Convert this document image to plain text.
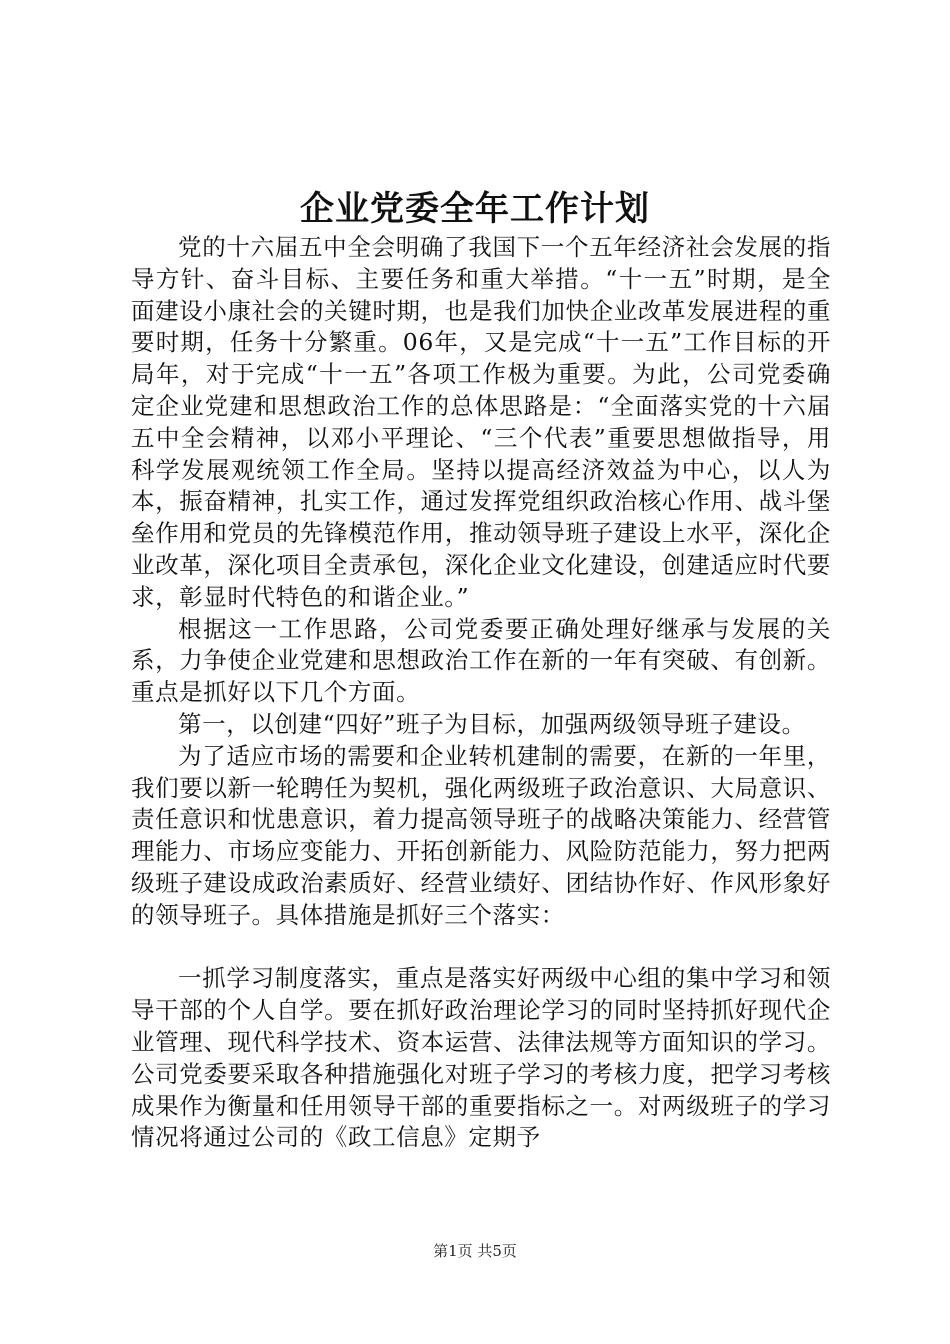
企业党委全年工作计划

党的十六届五中全会明确了我国下一个五年经济社会发展的指导方针、奋斗目标、主要任务和重大举措。“十一五”时期，是全面建设小康社会的关键时期，也是我们加快企业改革发展进程的重要时期，任务十分繁重。06年，又是完成“十一五”工作目标的开局年，对于完成“十一五”各项工作极为重要。为此，公司党委确定企业党建和思想政治工作的总体思路是：“全面落实党的十六届五中全会精神，以邓小平理论、“三个代表”重要思想做指导，用科学发展观统领工作全局。坚持以提高经济效益为中心，以人为本，振奋精神，扎实工作，通过发挥党组织政治核心作用、战斗堡垒作用和党员的先锋模范作用，推动领导班子建设上水平，深化企业改革，深化项目全责承包，深化企业文化建设，创建适应时代要求，彰显时代特色的和谐企业。”

根据这一工作思路，公司党委要正确处理好继承与发展的关系，力争使企业党建和思想政治工作在新的一年有突破、有创新。重点是抓好以下几个方面。

第一，以创建“四好”班子为目标，加强两级领导班子建设。

为了适应市场的需要和企业转机建制的需要，在新的一年里，我们要以新一轮聘任为契机，强化两级班子政治意识、大局意识、责任意识和忧患意识，着力提高领导班子的战略决策能力、经营管理能力、市场应变能力、开拓创新能力、风险防范能力，努力把两级班子建设成政治素质好、经营业绩好、团结协作好、作风形象好的领导班子。具体措施是抓好三个落实：

一抓学习制度落实，重点是落实好两级中心组的集中学习和领导干部的个人自学。要在抓好政治理论学习的同时坚持抓好现代企业管理、现代科学技术、资本运营、法律法规等方面知识的学习。公司党委要采取各种措施强化对班子学习的考核力度，把学习考核成果作为衡量和任用领导干部的重要指标之一。对两级班子的学习情况将通过公司的《政工信息》定期予

第1页 共5页
